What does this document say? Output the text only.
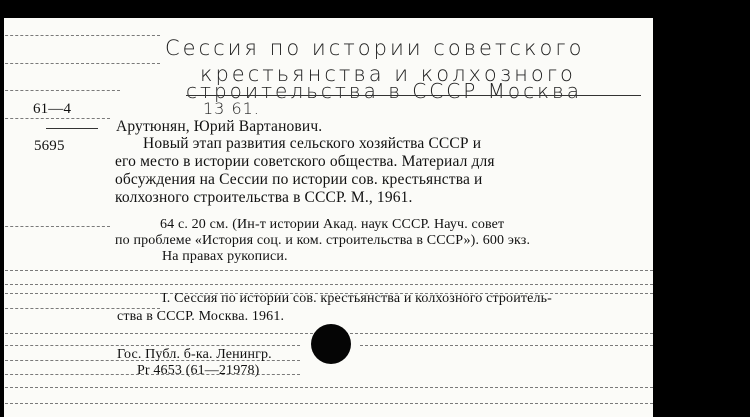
Сессия по истории советского
крестьянства и колхозного
строительства в СССР Москва
13 61.
61—4
5695
Арутюнян, Юрий Вартанович.
Новый этап развития сельского хозяйства СССР и
его место в истории советского общества. Материал для
обсуждения на Сессии по истории сов. крестьянства и
колхозного строительства в СССР. М., 1961.
64 с. 20 см. (Ин-т истории Акад. наук СССР. Науч. совет
по проблеме «История соц. и ком. строительства в СССР»). 600 экз.
На правах рукописи.
I. Сессия по истории сов. крестьянства и колхозного строитель-
ства в СССР. Москва. 1961.
Гос. Публ. б-ка. Ленингр.
Pr 4653 (61—21978)
